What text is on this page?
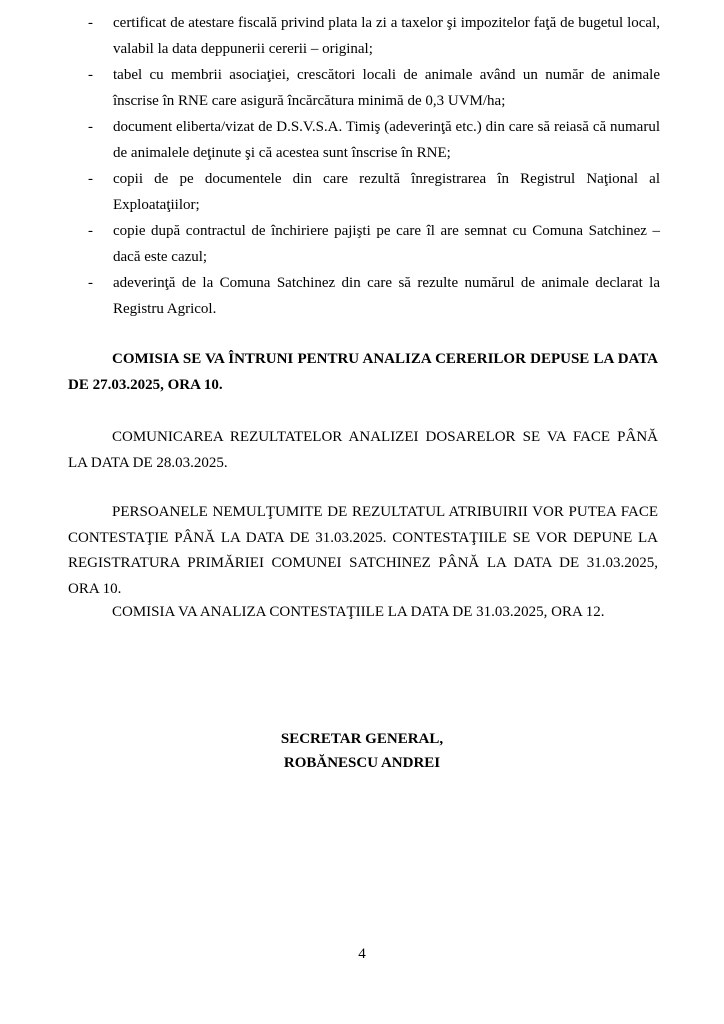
- certificat de atestare fiscală privind plata la zi a taxelor şi impozitelor faţă de bugetul local, valabil la data deppunerii cererii – original;
- tabel cu membrii asociaţiei, crescători locali de animale având un număr de animale înscrise în RNE care asigură încărcătura minimă de 0,3 UVM/ha;
- document eliberta/vizat de D.S.V.S.A. Timiş (adeverinţă etc.) din care să reiasă că numarul de animalele deţinute şi că acestea sunt înscrise în RNE;
- copii de pe documentele din care rezultă înregistrarea în Registrul Naţional al Exploataţiilor;
- copie după contractul de închiriere pajişti pe care îl are semnat cu Comuna Satchinez – dacă este cazul;
- adeverinţă de la Comuna Satchinez din care să rezulte numărul de animale declarat la Registru Agricol.

COMISIA SE VA ÎNTRUNI PENTRU ANALIZA CERERILOR DEPUSE LA DATA DE 27.03.2025, ORA 10.

COMUNICAREA REZULTATELOR ANALIZEI DOSARELOR SE VA FACE PÂNĂ LA DATA DE 28.03.2025.

PERSOANELE NEMULŢUMITE DE REZULTATUL ATRIBUIRII VOR PUTEA FACE CONTESTAŢIE PÂNĂ LA DATA DE 31.03.2025. CONTESTAŢIILE SE VOR DEPUNE LA REGISTRATURA PRIMĂRIEI COMUNEI SATCHINEZ PÂNĂ LA DATA DE 31.03.2025, ORA 10.

COMISIA VA ANALIZA CONTESTAŢIILE LA DATA DE 31.03.2025, ORA 12.

SECRETAR GENERAL,
ROBĂNESCU ANDREI
4
